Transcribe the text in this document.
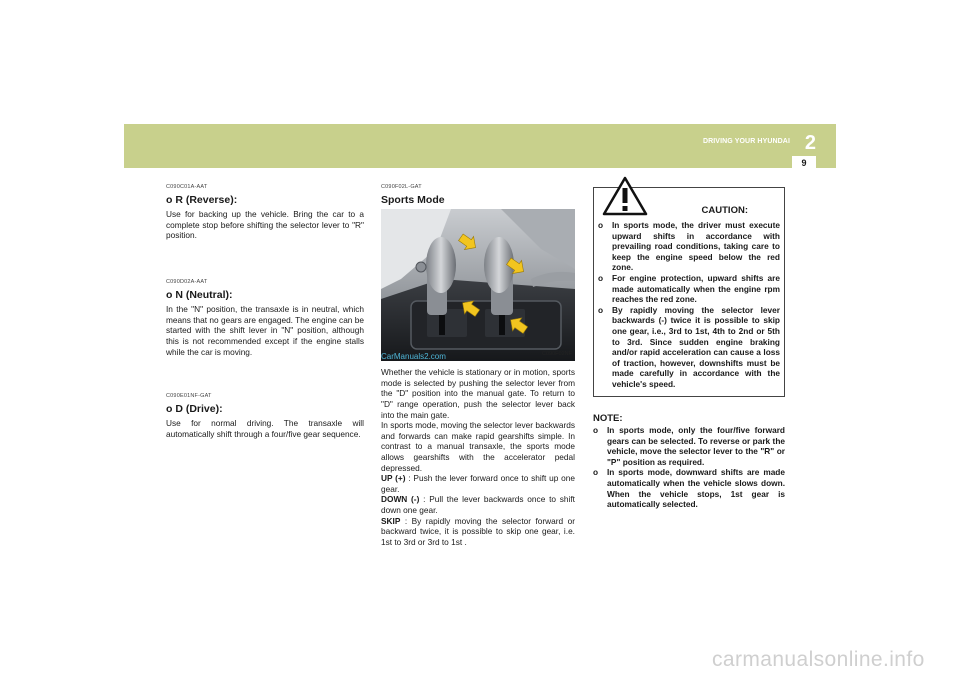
DRIVING YOUR HYUNDAI 2
9
C090C01A-AAT
o R (Reverse):
Use for backing up the vehicle. Bring the car to a complete stop before shifting the selector lever to "R" position.
C090D02A-AAT
o N (Neutral):
In the "N" position, the transaxle is in neutral, which means that no gears are engaged. The engine can be started with the shift lever in "N" position, although this is not recommended except if the engine stalls while the car is moving.
C090E01NF-GAT
o D (Drive):
Use for normal driving. The transaxle will automatically shift through a four/five gear sequence.
C090F02L-GAT
Sports Mode
C090F02NF
CarManuals2.com
Whether the vehicle is stationary or in motion, sports mode is selected by pushing the selector lever from the "D" position into the manual gate. To return to "D" range operation, push the selector lever back into the main gate.
In sports mode, moving the selector lever backwards and forwards can make rapid gearshifts simple. In contrast to a manual transaxle, the sports mode allows gearshifts with the accelerator pedal depressed.
UP (+) : Push the lever forward once to shift up one gear.
DOWN (-) : Pull the lever backwards once to shift down one gear.
SKIP : By rapidly moving the selector forward or backward twice, it is possible to skip one gear, i.e. 1st to 3rd or 3rd to 1st .
CAUTION:
o In sports mode, the driver must execute upward shifts in accordance with prevailing road conditions, taking care to keep the engine speed below the red zone.
o For engine protection, upward shifts are made automatically when the engine rpm reaches the red zone.
o By rapidly moving the selector lever backwards (-) twice it is possible to skip one gear, i.e., 3rd to 1st, 4th to 2nd or 5th to 3rd. Since sudden engine braking and/or rapid acceleration can cause a loss of traction, however, downshifts must be made carefully in accordance with the vehicle's speed.
NOTE:
o In sports mode, only the four/five forward gears can be selected. To reverse or park the vehicle, move the selector lever to the "R" or "P" position as required.
o In sports mode, downward shifts are made automatically when the vehicle slows down. When the vehicle stops, 1st gear is automatically selected.
carmanualsonline.info
